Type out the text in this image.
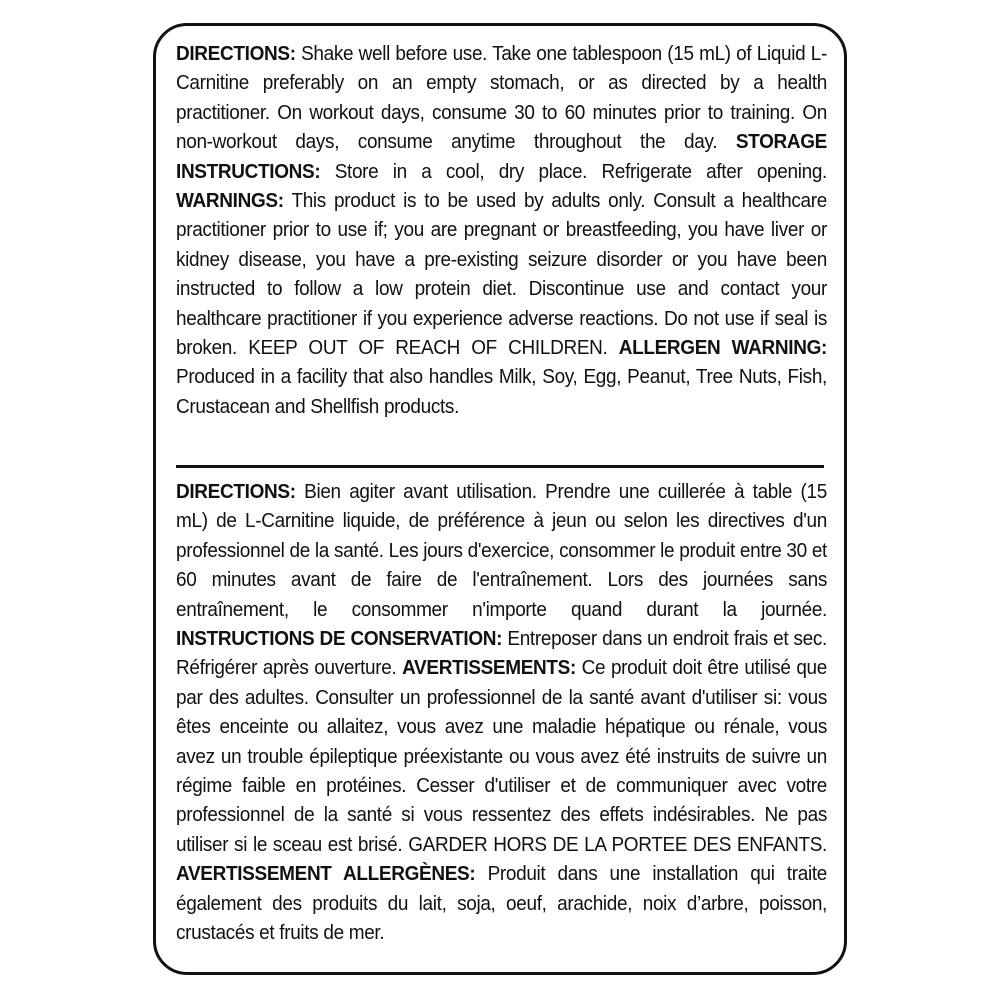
DIRECTIONS: Shake well before use. Take one tablespoon (15 mL) of Liquid L-Carnitine preferably on an empty stomach, or as directed by a health practitioner. On workout days, consume 30 to 60 minutes prior to training. On non-workout days, consume anytime throughout the day. STORAGE INSTRUCTIONS: Store in a cool, dry place. Refrigerate after opening. WARNINGS: This product is to be used by adults only. Consult a healthcare practitioner prior to use if; you are pregnant or breastfeeding, you have liver or kidney disease, you have a pre-existing seizure disorder or you have been instructed to follow a low protein diet. Discontinue use and contact your healthcare practitioner if you experience adverse reactions. Do not use if seal is broken. KEEP OUT OF REACH OF CHILDREN. ALLERGEN WARNING: Produced in a facility that also handles Milk, Soy, Egg, Peanut, Tree Nuts, Fish, Crustacean and Shellfish products.
DIRECTIONS: Bien agiter avant utilisation. Prendre une cuillerée à table (15 mL) de L-Carnitine liquide, de préférence à jeun ou selon les directives d'un professionnel de la santé. Les jours d'exercice, consommer le produit entre 30 et 60 minutes avant de faire de l'entraînement. Lors des journées sans entraînement, le consommer n'importe quand durant la journée. INSTRUCTIONS DE CONSERVATION: Entreposer dans un endroit frais et sec. Réfrigérer après ouverture. AVERTISSEMENTS: Ce produit doit être utilisé que par des adultes. Consulter un professionnel de la santé avant d'utiliser si: vous êtes enceinte ou allaitez, vous avez une maladie hépatique ou rénale, vous avez un trouble épileptique préexistante ou vous avez été instruits de suivre un régime faible en protéines. Cesser d'utiliser et de communiquer avec votre professionnel de la santé si vous ressentez des effets indésirables. Ne pas utiliser si le sceau est brisé. GARDER HORS DE LA PORTEE DES ENFANTS. AVERTISSEMENT ALLERGÈNES: Produit dans une installation qui traite également des produits du lait, soja, oeuf, arachide, noix d’arbre, poisson, crustacés et fruits de mer.
